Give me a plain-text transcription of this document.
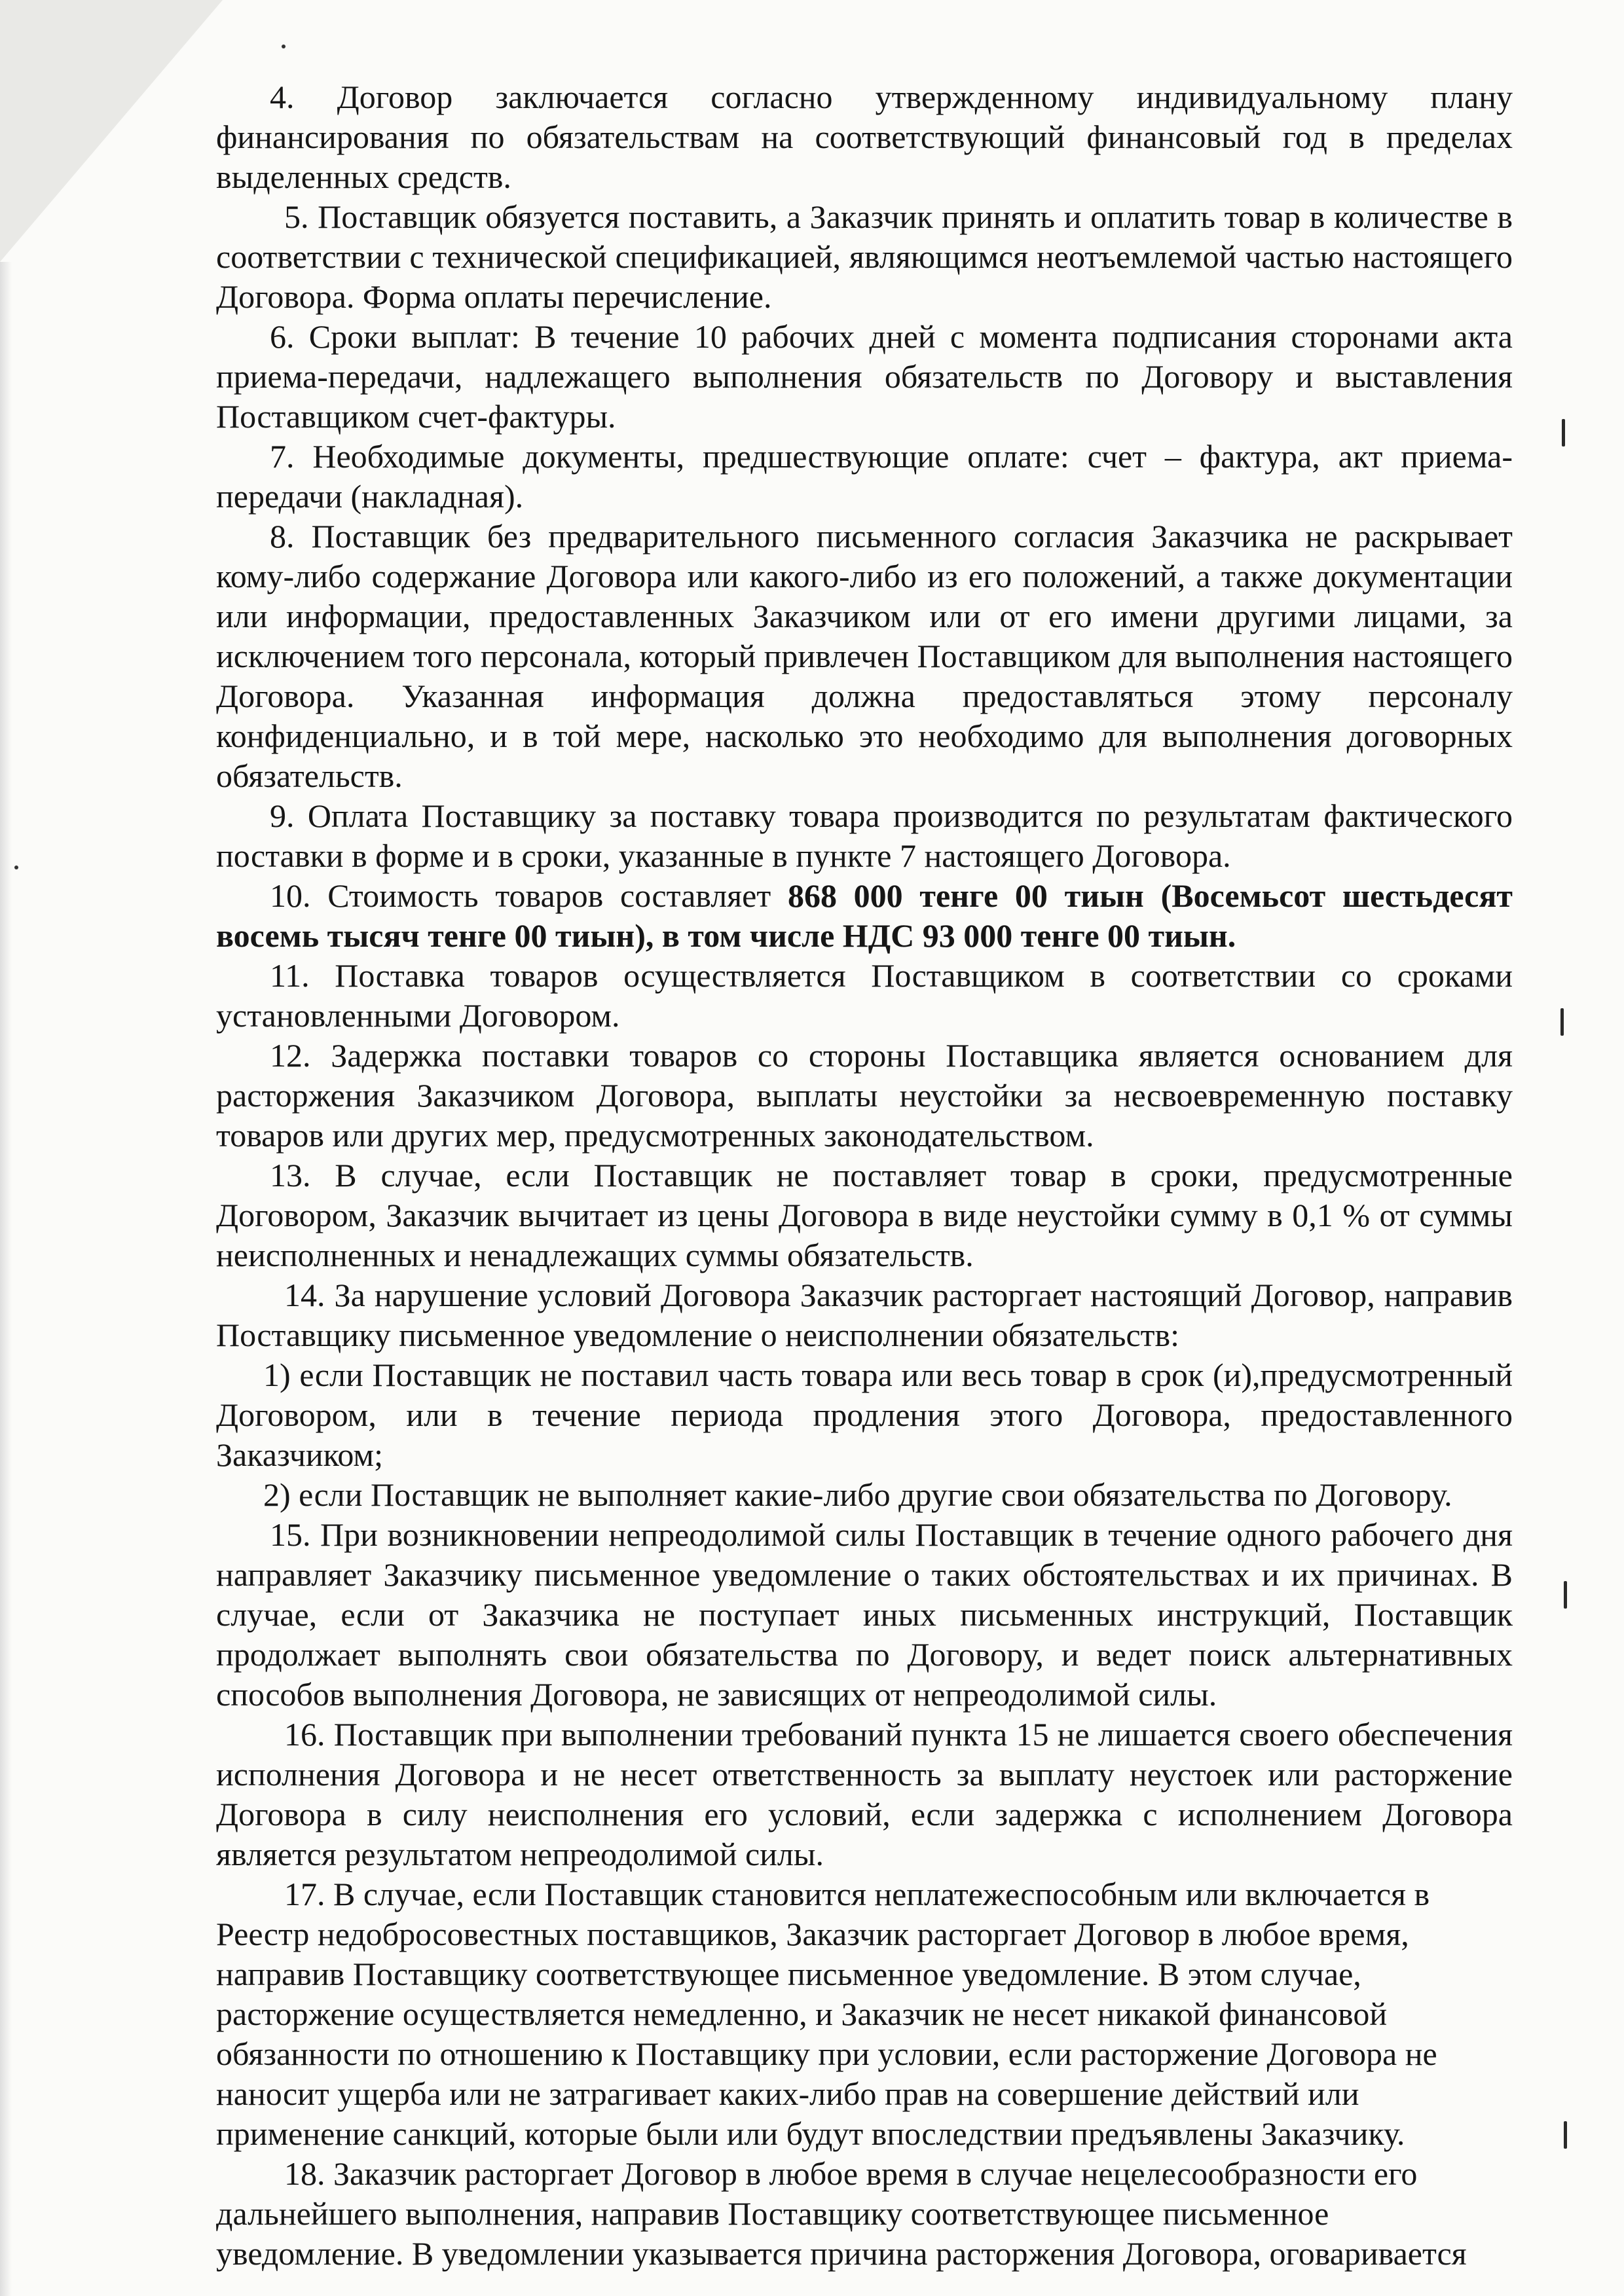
4. Договор заключается согласно утвержденному индивидуальному плану финансирования по обязательствам на соответствующий финансовый год в пределах выделенных средств.

5. Поставщик обязуется поставить, а Заказчик принять и оплатить товар в количестве в соответствии с технической спецификацией, являющимся неотъемлемой частью настоящего Договора. Форма оплаты перечисление.

6. Сроки выплат: В течение 10 рабочих дней с момента подписания сторонами акта приема-передачи, надлежащего выполнения обязательств по Договору и выставления Поставщиком счет-фактуры.

7. Необходимые документы, предшествующие оплате: счет – фактура, акт приема-передачи (накладная).

8. Поставщик без предварительного письменного согласия Заказчика не раскрывает кому-либо содержание Договора или какого-либо из его положений, а также документации или информации, предоставленных Заказчиком или от его имени другими лицами, за исключением того персонала, который привлечен Поставщиком для выполнения настоящего Договора. Указанная информация должна предоставляться этому персоналу конфиденциально, и в той мере, насколько это необходимо для выполнения договорных обязательств.

9. Оплата Поставщику за поставку товара производится по результатам фактического поставки в форме и в сроки, указанные в пункте 7 настоящего Договора.

10. Стоимость товаров составляет 868 000 тенге 00 тиын (Восемьсот шестьдесят восемь тысяч тенге 00 тиын), в том числе НДС 93 000 тенге 00 тиын.

11. Поставка товаров осуществляется Поставщиком в соответствии со сроками установленными Договором.

12. Задержка поставки товаров со стороны Поставщика является основанием для расторжения Заказчиком Договора, выплаты неустойки за несвоевременную поставку товаров или других мер, предусмотренных законодательством.

13. В случае, если Поставщик не поставляет товар в сроки, предусмотренные Договором, Заказчик вычитает из цены Договора в виде неустойки сумму в 0,1 % от суммы неисполненных и ненадлежащих суммы обязательств.

14. За нарушение условий Договора Заказчик расторгает настоящий Договор, направив Поставщику письменное уведомление о неисполнении обязательств:

1) если Поставщик не поставил часть товара или весь товар в срок (и),предусмотренный Договором, или в течение периода продления этого Договора, предоставленного Заказчиком;

2) если Поставщик не выполняет какие-либо другие свои обязательства по Договору.

15. При возникновении непреодолимой силы Поставщик в течение одного рабочего дня направляет Заказчику письменное уведомление о таких обстоятельствах и их причинах. В случае, если от Заказчика не поступает иных письменных инструкций, Поставщик продолжает выполнять свои обязательства по Договору, и ведет поиск альтернативных способов выполнения Договора, не зависящих от непреодолимой силы.

16. Поставщик при выполнении требований пункта 15 не лишается своего обеспечения исполнения Договора и не несет ответственность за выплату неустоек или расторжение Договора в силу неисполнения его условий, если задержка с исполнением Договора является результатом непреодолимой силы.

17. В случае, если Поставщик становится неплатежеспособным или включается в Реестр недобросовестных поставщиков, Заказчик расторгает Договор в любое время, направив Поставщику соответствующее письменное уведомление. В этом случае, расторжение осуществляется немедленно, и Заказчик не несет никакой финансовой обязанности по отношению к Поставщику при условии, если расторжение Договора не наносит ущерба или не затрагивает каких-либо прав на совершение действий или применение санкций, которые были или будут впоследствии предъявлены Заказчику.

18. Заказчик расторгает Договор в любое время в случае нецелесообразности его дальнейшего выполнения, направив Поставщику соответствующее письменное уведомление. В уведомлении указывается причина расторжения Договора, оговаривается
